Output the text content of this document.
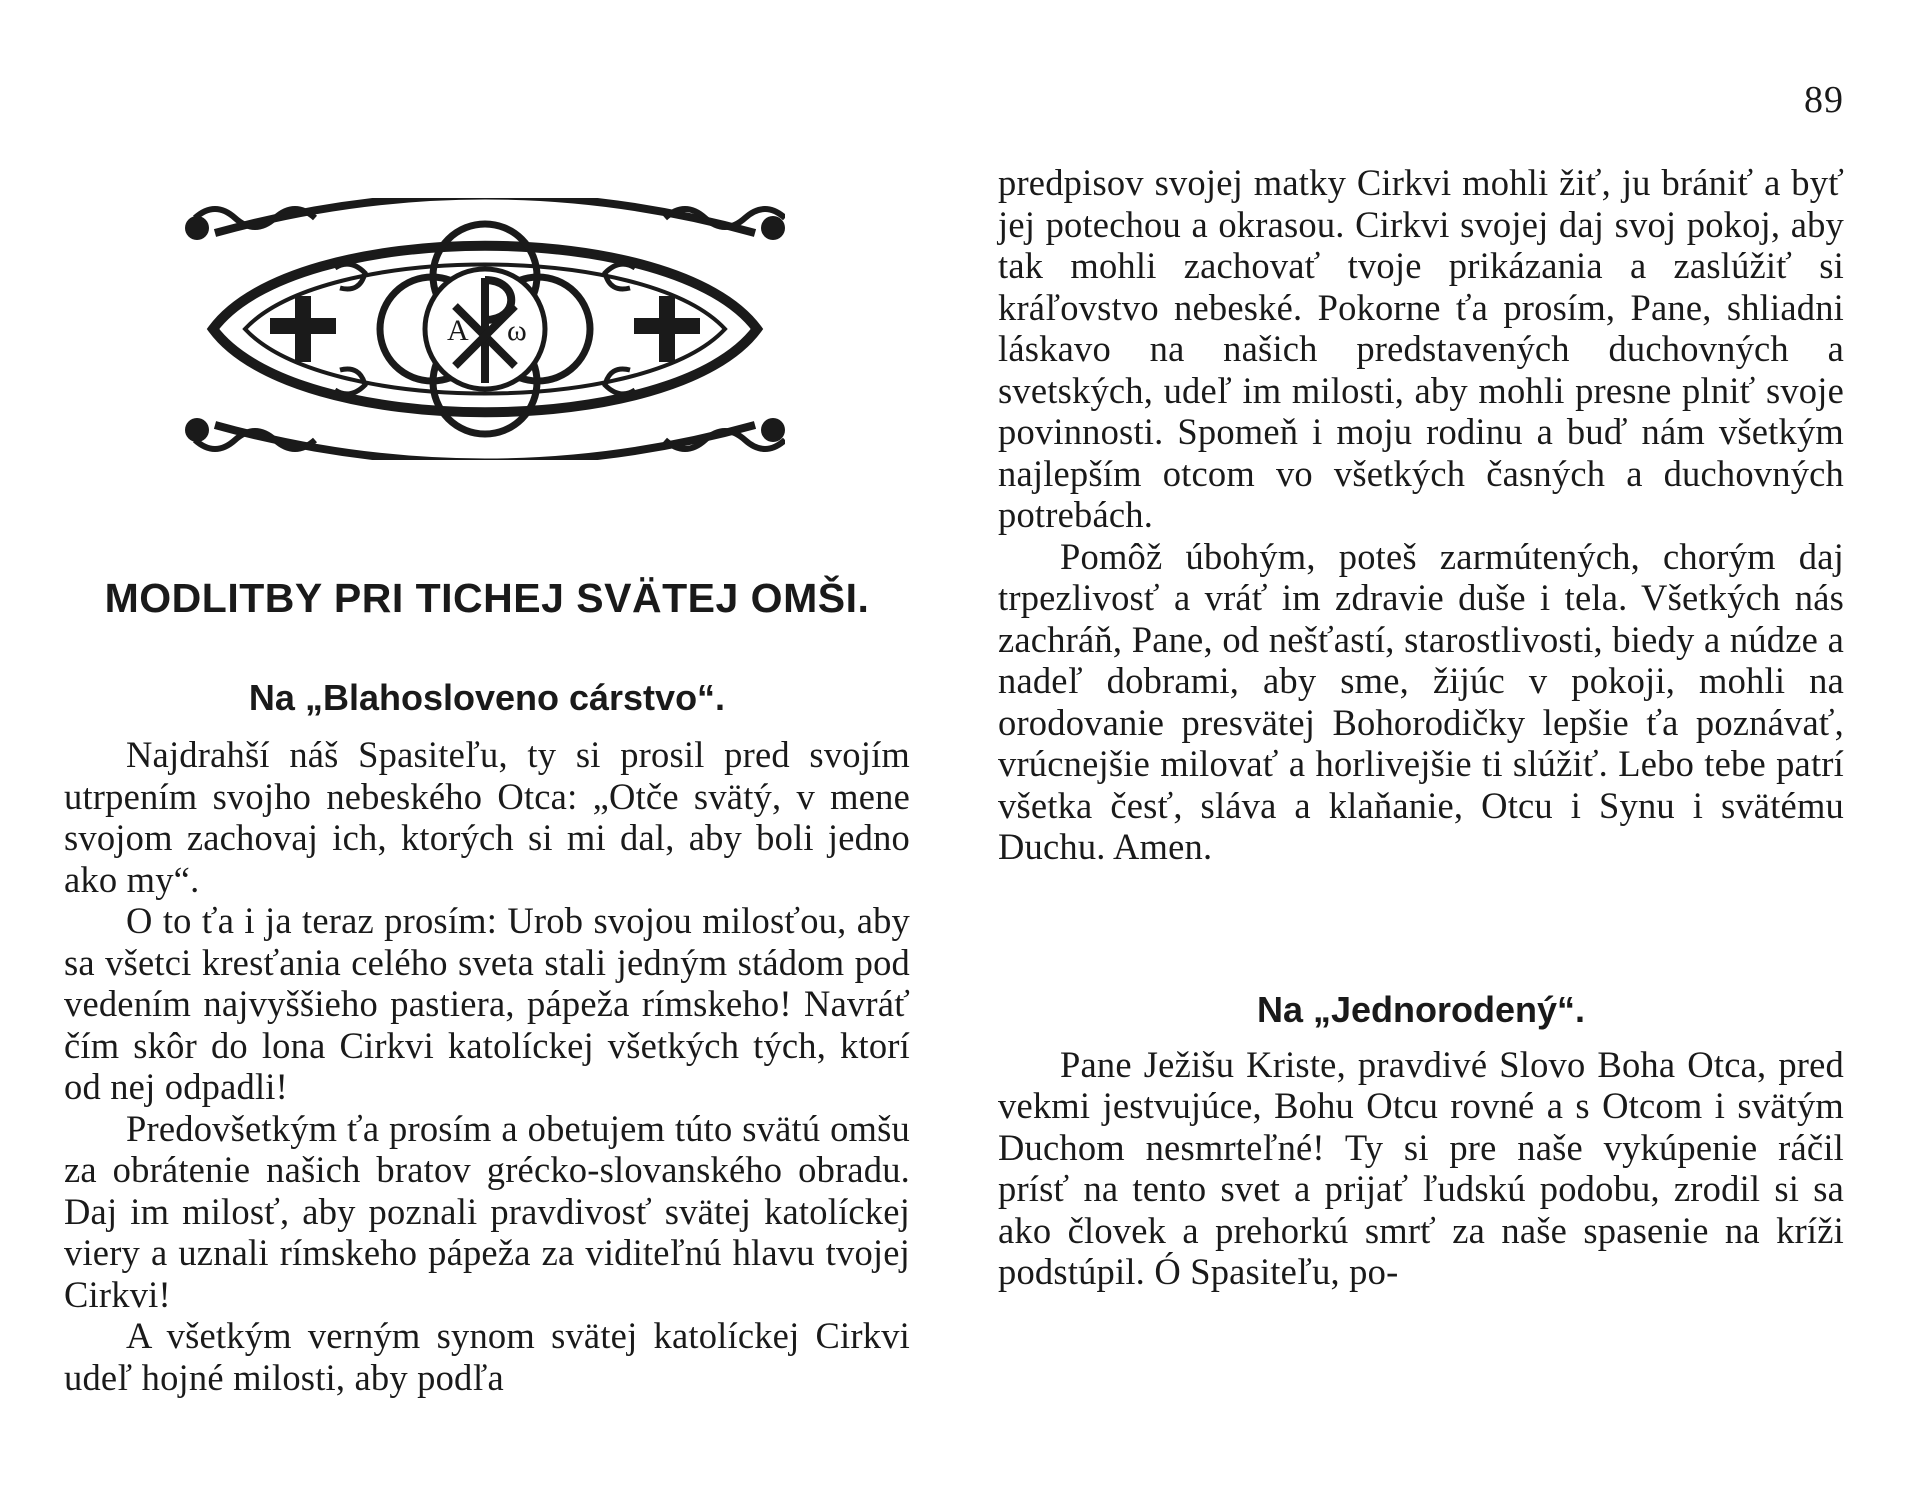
89
A ω
MODLITBY PRI TICHEJ SVÄTEJ OMŠI.
Na „Blahosloveno cárstvo“.

Najdrahší náš Spasiteľu, ty si prosil pred svojím utrpením svojho nebeského Otca: „Otče svätý, v mene svojom zachovaj ich, ktorých si mi dal, aby boli jedno ako my“.

O to ťa i ja teraz prosím: Urob svojou milosťou, aby sa všetci kresťania celého sveta stali jedným stádom pod vedením najvyššieho pastiera, pápeža rímskeho! Navráť čím skôr do lona Cirkvi katolíckej všetkých tých, ktorí od nej odpadli!

Predovšetkým ťa prosím a obetujem túto svätú omšu za obrátenie našich bratov grécko-slovanského obradu. Daj im milosť, aby poznali pravdivosť svätej katolíckej viery a uznali rímskeho pápeža za viditeľnú hlavu tvojej Cirkvi!

A všetkým verným synom svätej katolíckej Cirkvi udeľ hojné milosti, aby podľa

predpisov svojej matky Cirkvi mohli žiť, ju brániť a byť jej potechou a okrasou. Cirkvi svojej daj svoj pokoj, aby tak mohli zachovať tvoje prikázania a zaslúžiť si kráľovstvo nebeské. Pokorne ťa prosím, Pane, shliadni láskavo na našich predstavených duchovných a svetských, udeľ im milosti, aby mohli presne plniť svoje povinnosti. Spomeň i moju rodinu a buď nám všetkým najlepším otcom vo všetkých časných a duchovných potrebách.

Pomôž úbohým, poteš zarmútených, chorým daj trpezlivosť a vráť im zdravie duše i tela. Všetkých nás zachráň, Pane, od nešťastí, starostlivosti, biedy a núdze a nadeľ dobrami, aby sme, žijúc v pokoji, mohli na orodovanie presvätej Bohorodičky lepšie ťa poznávať, vrúcnejšie milovať a horlivejšie ti slúžiť. Lebo tebe patrí všetka česť, sláva a klaňanie, Otcu i Synu i svätému Duchu. Amen.

Na „Jednorodený“.

Pane Ježišu Kriste, pravdivé Slovo Boha Otca, pred vekmi jestvujúce, Bohu Otcu rovné a s Otcom i svätým Duchom nesmrteľné! Ty si pre naše vykúpenie ráčil prísť na tento svet a prijať ľudskú podobu, zrodil si sa ako človek a prehorkú smrť za naše spasenie na kríži podstúpil. Ó Spasiteľu, po-
